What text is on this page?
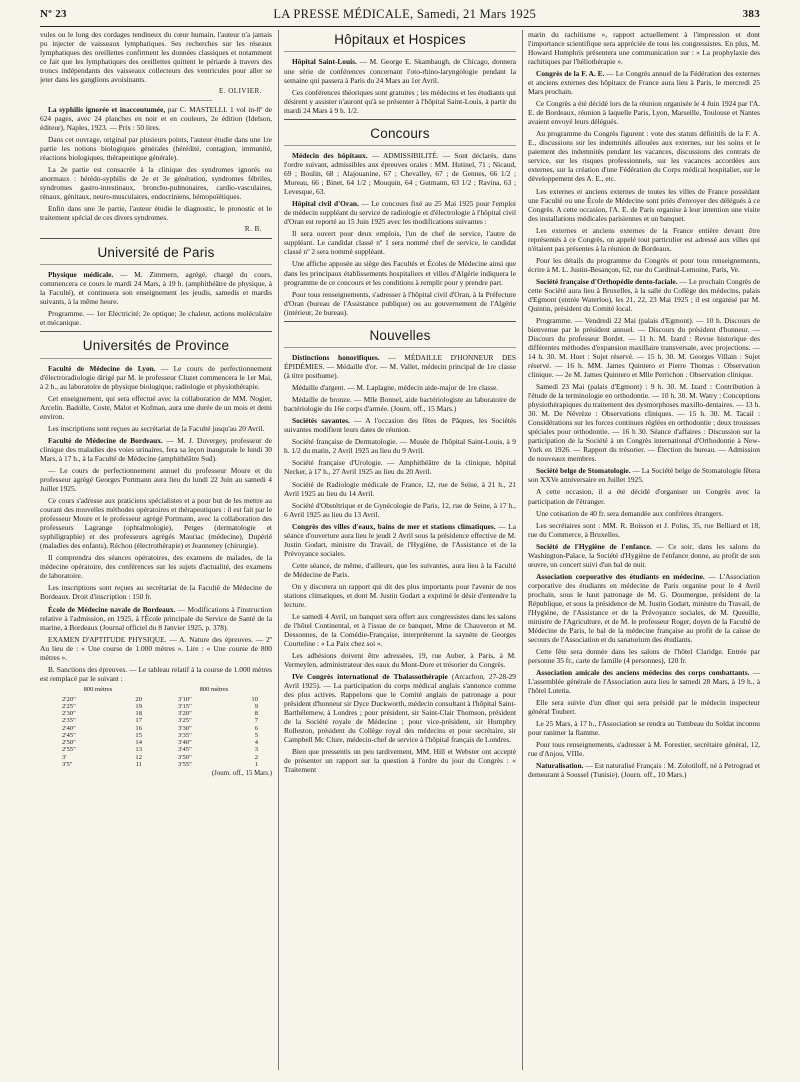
Nº 23	LA PRESSE MÉDICALE, Samedi, 21 Mars 1925	383

vules ou le long des cordages tendineux du cœur humain, l'auteur n'a jamais pu injecter de vaisseaux lymphatiques. Ses recherches sur les réseaux lymphatiques des oreillettes confirment les données classiques et notamment ce fait que les lymphatiques des oreillettes quittent le périarde à travers des troncs indépendants des vaisseaux collecteurs des ventricules pour aller se jeter dans les ganglions avoisinants.

E. OLIVIER.

La syphilis ignorée et inaccoutumée, par C. MASTELLI. 1 vol in-8º de 624 pages, avec 24 planches en noir et en couleurs, 2e édition (Idelson, éditeur), Naples, 1923. — Prix : 50 lires.

Dans cet ouvrage, original par plusieurs points, l'auteur étudie dans une 1re partie les notions biologiques générales (hérédité, contagion, immunité, réactions biologiques, thérapeutique générale).

La 2e partie est consacrée à la clinique des syndromes ignorés ou anormaux : hérédo-syphilis de 2e et 3e génération, syndromes fébriles, syndromes gastro-intestinaux, broncho-pulmonaires, cardio-vasculaires, rénaux, génitaux, neuro-musculaires, endocriniens, hémopoïétiques.

Enfin dans une 3e partie, l'auteur étudie le diagnostic, le pronostic et le traitement spécial de ces divers syndromes.

R. B.
Université de Paris

Physique médicale. — M. Zimmern, agrégé, chargé du cours, commencera ce cours le mardi 24 Mars, à 19 h. (amphithéâtre de physique, à la Faculté), et continuera son enseignement les jeudis, samedis et mardis suivants, à la même heure.

Programme. — 1er Electricité; 2e optique; 3e chaleur, actions moléculaire et mécanique.

Universités de Province

Faculté de Médecine de Lyon. — Le cours de perfectionnement d'électroradiologie dirigé par M. le professeur Cluzet commencera le 1er Mai, à 2 h., au laboratoire de physique biologique, radiologie et physiothérapie.

Cet enseignement, qui sera effectué avec la collaboration de MM. Nogier, Arcelin. Badolle, Coste, Malot et Kofman, aura une durée de un mois et demi environ.

Les inscriptions sont reçues au secrétariat de la Faculté jusqu'au 20 Avril.

Faculté de Médecine de Bordeaux. — M. J. Duvergey, professeur de clinique des maladies des voies urinaires, fera sa leçon inaugurale le lundi 30 Mars, à 17 h., à la Faculté de Médecine (amphithéâtre Sud).

— Le cours de perfectionnement annuel du professeur Moure et du professeur agrégé Georges Portmann aura lieu du lundi 22 Juin au samedi 4 Juillet 1925.

Ce cours s'adresse aux praticiens spécialistes et a pour but de les mettre au courant des nouvelles méthodes opératoires et thérapeutiques : il est fait par le professeur Moure et le professeur agrégé Portmann, avec la collaboration des professeurs Lagrange (ophtalmologie), Petges (dermatologie et syphiligraphie) et des professeurs agrégés Mauriac (médecine), Dupérié (maladies des enfants), Réchou (électrothérapie) et Jeanneney (chirurgie).

Il comprendra des séances opératoires, des examens de malades, de la médecine opératoire, des conférences sur les sujets d'actualité, des examens de laboratoire.

Les inscriptions sont reçues au secrétariat de la Faculté de Médecine de Bordeaux. Droit d'inscription : 150 fr.

École de Médecine navale de Bordeaux. — Modifications à l'instruction relative à l'admission, en 1925, à l'École principale du Service de Santé de la marine, à Bordeaux (Journal officiel du 8 Janvier 1925, p. 378).

EXAMEN D'APTITUDE PHYSIQUE. — A. Nature des épreuves. — 2º Au lieu de : « Une course de 1.000 mètres ». Lire : « Une course de 800 mètres ».

B. Sanctions des épreuves. — Le tableau relatif à la course de 1.000 mètres est remplacé par le suivant :

800 mètres	800 mètres
2'20"	20	3'10"	10
2'25"	19	3'15"	9
2'30"	18	3'20"	8
2'35"	17	3'25"	7
2'40"	16	3'30"	6
2'45"	15	3'35"	5
2'50"	14	3'40"	4
2'55"	13	3'45"	3
3'	12	3'50"	2
3'5"	11	3'55"	1
(Journ. off., 15 Mars.)
Hôpitaux et Hospices

Hôpital Saint-Louis. — M. George E. Skambaugh, de Chicago, donnera une série de conférences concernant l'oto-rhino-laryngologie pendant la semaine qui passera à Paris du 24 Mars au 1er Avril.

Ces conférences théoriques sont gratuites ; les médecins et les étudiants qui désirent y assister n'auront qu'à se présenter à l'hôpital Saint-Louis, à partir du mardi 24 Mars à 9 h. 1/2.

Concours

Médecin des hôpitaux. — ADMISSIBILITÉ. — Sont déclarés, dans l'ordre suivant, admissibles aux épreuves orales : MM. Hutinel, 71 ; Nicaud, 69 ; Boulin, 68 ; Alajouanine, 67 ; Chevalley, 67 ; de Gennes, 66 1/2 ; Moreau, 66 ; Binet, 64 1/2 ; Mouquin, 64 ; Gutmann, 63 1/2 ; Ravina, 63 ; Levesque, 63.

Hôpital civil d'Oran. — Le concours fixé au 25 Mai 1925 pour l'emploi de médecin suppléant du service de radiologie et d'électrologie à l'hôpital civil d'Oran est reporté au 15 Juin 1925 avec les modifications suivantes :

Il sera ouvert pour deux emplois, l'un de chef de service, l'autre de suppléant. Le candidat classé nº 1 sera nommé chef de service, le candidat classé nº 2 sera nommé suppléant.

Une affiche apposée au siège des Facultés et Écoles de Médecine ainsi que dans les principaux établissements hospitaliers et villes d'Algérie indiquera le programme de ce concours et les conditions à remplir pour y prendre part.

Pour tous renseignements, s'adresser à l'hôpital civil d'Oran, à la Préfecture d'Oran (bureau de l'Assistance publique) ou au gouvernement de l'Algérie (intérieur, 2e bureau).

Nouvelles

Distinctions honorifiques. — MÉDAILLE D'HONNEUR DES ÉPIDÉMIES. — Médaille d'or. — M. Vallet, médecin principal de 1re classe (à titre posthume).

Médaille d'argent. — M. Laplagne, médecin aide-major de 1re classe.

Médaille de bronze. — Mlle Bonnel, aide bactériologiste au laboratoire de bactériologie du 16e corps d'armée. (Journ. off., 15 Mars.)

Sociétés savantes. — A l'occasion des fêtes de Pâques, les Sociétés suivantes modifient leurs dates de réunion.

Société française de Dermatologie. — Musée de l'hôpital Saint-Louis, à 9 h. 1/2 du matin, 2 Avril 1925 au lieu du 9 Avril.

Société française d'Urologie. — Amphithéâtre de la clinique, hôpital Necker, à 17 h., 27 Avril 1925 au lieu du 20 Avril.

Société de Radiologie médicale de France, 12, rue de Seine, à 21 h., 21 Avril 1925 au lieu du 14 Avril.

Société d'Obstétrique et de Gynécologie de Paris, 12, rue de Seine, à 17 h., 6 Avril 1925 au lieu du 13 Avril.

Congrès des villes d'eaux, bains de mer et stations climatiques. — La séance d'ouverture aura lieu le jeudi 2 Avril sous la présidence effective de M. Justin Godart, ministre du Travail, de l'Hygiène, de l'Assistance et de la Prévoyance sociales.

Cette séance, de même, d'ailleurs, que les suivantes, aura lieu à la Faculté de Médecine de Paris.

On y discutera un rapport qui dit des plus importants pour l'avenir de nos stations climatiques, et dont M. Justin Godart a exprimé le désir d'entendre la lecture.

Le samedi 4 Avril, un banquet sera offert aux congressistes dans les salons de l'hôtel Continental, et à l'issue de ce banquet, Mme de Chauveron et M. Dessonnes, de la Comédie-Française, interpréteront la saynète de Georges Courteline : « La Paix chez soi ».

Les adhésions doivent être adressées, 19, rue Auber, à Paris, à M. Vermeylen, administrateur des eaux du Mont-Dore et trésorier du Congrès.

IVe Congrès international de Thalassothérapie (Arcachon, 27-28-29 Avril 1925). — La participation du corps médical anglais s'annonce comme des plus actives. Rappelons que le Comité anglais de patronage a pour président d'honneur sir Dyce Duckworth, médecin consultant à l'hôpital Saint-Barthélemew, à Londres ; pour président, sir Saint-Clair Thomson, président de la Société royale de Médecine ; pour vice-président, sir Humphry Rolleston, président du Collège royal des médecins et pour secrétaire, sir Campbell Mc Clure, médecin-chef de service à l'hôpital français de Londres.

Bien que pressentis un peu tardivement, MM. Hill et Webster ont accepté de présenter un rapport sur la question à l'ordre du jour du Congrès : « Traitement

marin du rachitisme », rapport actuellement à l'impression et dont l'importance scientifique sera appréciée de tous les congressistes. En plus, M. Howard Humphris présentera une communication sur : « La prophylaxie des rachitiques par l'héliothérapie ».

Congrès de la F. A. E. — Le Congrès annuel de la Fédération des externes et anciens externes des hôpitaux de France aura lieu à Paris, le mercredi 25 Mars prochain.

Ce Congrès a été décidé lors de la réunion organisée le 4 Juin 1924 par l'A. E. de Bordeaux, réunion à laquelle Paris, Lyon, Marseille, Toulouse et Nantes avaient envoyé leurs délégués.

Au programme du Congrès figurent : vote des statuts définitifs de la F. A. E., discussions sur les indemnités allouées aux externes, sur les soins et le paiement des indemnités pendant les vacances, discussions des contrats de service, sur les risques professionnels, sur les vacances accordées aux externes, sur la création d'une Fédération du Corps médical hospitalier, sur le développement des A. E., etc.

Les externes et anciens externes de toutes les villes de France possédant une Faculté ou une École de Médecine sont priés d'envoyer des délégués à ce Congrès. A cette occasion, l'A. E. de Paris organise à leur intention une visite des installations médicales parisiennes et un banquet.

Les externes et anciens externes de la France entière devant être représentés à ce Congrès, on appelé tout particulier est adressé aux villes qui n'étaient pas présentes à la réunion de Bordeaux.

Pour les détails du programme du Congrès et pour tous renseignements, écrire à M. L. Justin-Besançon, 62, rue du Cardinal-Lemoine, Paris, Ve.

Société française d'Orthopédie dento-faciale. — Le prochain Congrès de cette Société aura lieu à Bruxelles, à la salle du Collège des médecins, palais d'Egmont (entrée Waterloo), les 21, 22, 23 Mai 1925 ; il est organisé par M. Quintin, président du Comité local.

Programme. — Vendredi 22 Mai (palais d'Egmont). — 10 h. Discours de bienvenue par le président annuel. — Discours du président d'honneur. — Discours du professeur Bordet. — 11 h. M. Izard : Revue historique des différentes méthodes d'expansion maxillaire transversale, avec projections. — 14 h. 30. M. Huet : Sujet réservé. — 15 h. 30. M. Georges Villain : Sujet réservé. — 16 h. MM. James Quintero et Pierre Thomas : Observation clinique. — 2e M. James Quintero et Mlle Perrichon : Observation clinique.

Samedi 23 Mai (palais d'Egmont) : 9 h. 30. M. Izard : Contribution à l'étude de la terminologie en orthodontie. — 10 h. 30. M. Watry : Conceptions physiothérapiques du traitement des dysmorphoses maxillo-dentaires. — 13 h. 30. M. De Névrèze : Observations cliniques. — 15 h. 30. M. Tacail : Considérations sur les forces continues réglées en orthodontie ; deux troussses spéciales pour orthodontie. — 16 h 30. Séance d'affaires : Discussion sur la participation de la Société à un Congrès international d'Orthodontie à New-York en 1926. — Rapport du trésorier. — Élection du bureau. — Admission de nouveaux membres.

Société belge de Stomatologie. — La Société belge de Stomatologie fêtera son XXVe anniversaire en Juillet 1925.

A cette occasion, il a été décidé d'organiser un Congrès avec la participation de l'étranger.

Une cotisation de 40 fr. sera demandée aux confrères étrangers.

Les secrétaires sont : MM. R. Boisson et J. Polus, 35, rue Belliard et 18, rue du Commerce, à Bruxelles.

Société de l'Hygiène de l'enfance. — Ce soir, dans les salons du Washington-Palace, la Société d'Hygiène de l'enfance donne, au profit de son œuvre, un concert suivi d'un bal de nuit.

Association corporative des étudiants en médecine. — L'Association corporative des étudiants en médecine de Paris organise pour le 4 Avril prochain, sous le haut patronage de M. G. Doumergue, président de la République, et sous la présidence de M. Justin Godart, ministre du Travail, de l'Hygiène, de l'Assistance et de la Prévoyance sociales, de M. Queuille, ministre de l'Agriculture, et de M. le professeur Roger, doyen de la Faculté de Médecine de Paris, le bal de la médecine française au profit de la caisse de secours de l'Association et du sanatorium des étudiants.

Cette fête sera donnée dans les salons de l'hôtel Claridge. Entrée par personne 35 fr., carte de famille (4 personnes), 120 fr.

Association amicale des anciens médecins des corps combattants. — L'assemblée générale de l'Association aura lieu le samedi 28 Mars, à 19 h., à l'hôtel Lutetia.

Elle sera suivie d'un dîner qui sera présidé par le médecin inspecteur général Toubert.

Le 25 Mars, à 17 h., l'Association se rendra au Tombeau du Soldat inconnu pour ranimer la flamme.

Pour tous renseignements, s'adresser à M. Forestier, secrétaire général, 12, rue d'Anjou, VIIIe.

Naturalisation. — Est naturalisé Français : M. Zolotiloff, né à Petrograd et demeurant à Soussel (Tunisie). (Journ. off., 10 Mars.)
